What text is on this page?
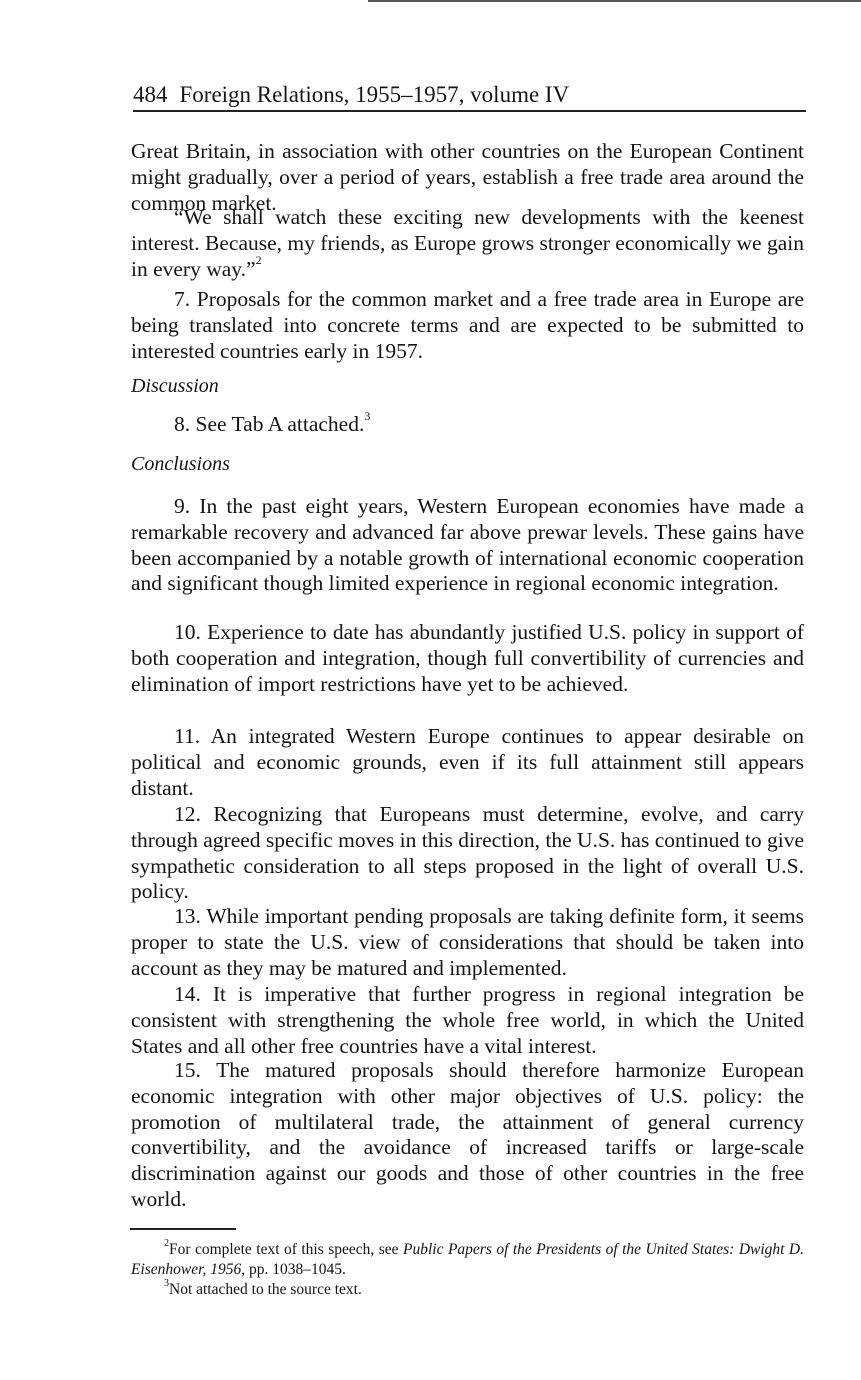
484 Foreign Relations, 1955–1957, volume IV

Great Britain, in association with other countries on the European Continent might gradually, over a period of years, establish a free trade area around the common market.

“We shall watch these exciting new developments with the keenest interest. Because, my friends, as Europe grows stronger economically we gain in every way.”$^2$

7. Proposals for the common market and a free trade area in Europe are being translated into concrete terms and are expected to be submitted to interested countries early in 1957.

Discussion

8. See Tab A attached.$^3$

Conclusions

9. In the past eight years, Western European economies have made a remarkable recovery and advanced far above prewar levels. These gains have been accompanied by a notable growth of international economic cooperation and significant though limited experience in regional economic integration.

10. Experience to date has abundantly justified U.S. policy in support of both cooperation and integration, though full convertibility of currencies and elimination of import restrictions have yet to be achieved.

11. An integrated Western Europe continues to appear desirable on political and economic grounds, even if its full attainment still appears distant.

12. Recognizing that Europeans must determine, evolve, and carry through agreed specific moves in this direction, the U.S. has continued to give sympathetic consideration to all steps proposed in the light of overall U.S. policy.

13. While important pending proposals are taking definite form, it seems proper to state the U.S. view of considerations that should be taken into account as they may be matured and implemented.

14. It is imperative that further progress in regional integration be consistent with strengthening the whole free world, in which the United States and all other free countries have a vital interest.

15. The matured proposals should therefore harmonize European economic integration with other major objectives of U.S. policy: the promotion of multilateral trade, the attainment of general currency convertibility, and the avoidance of increased tariffs or large-scale discrimination against our goods and those of other countries in the free world.

$^2$For complete text of this speech, see Public Papers of the Presidents of the United States: Dwight D. Eisenhower, 1956, pp. 1038–1045.

$^3$Not attached to the source text.
